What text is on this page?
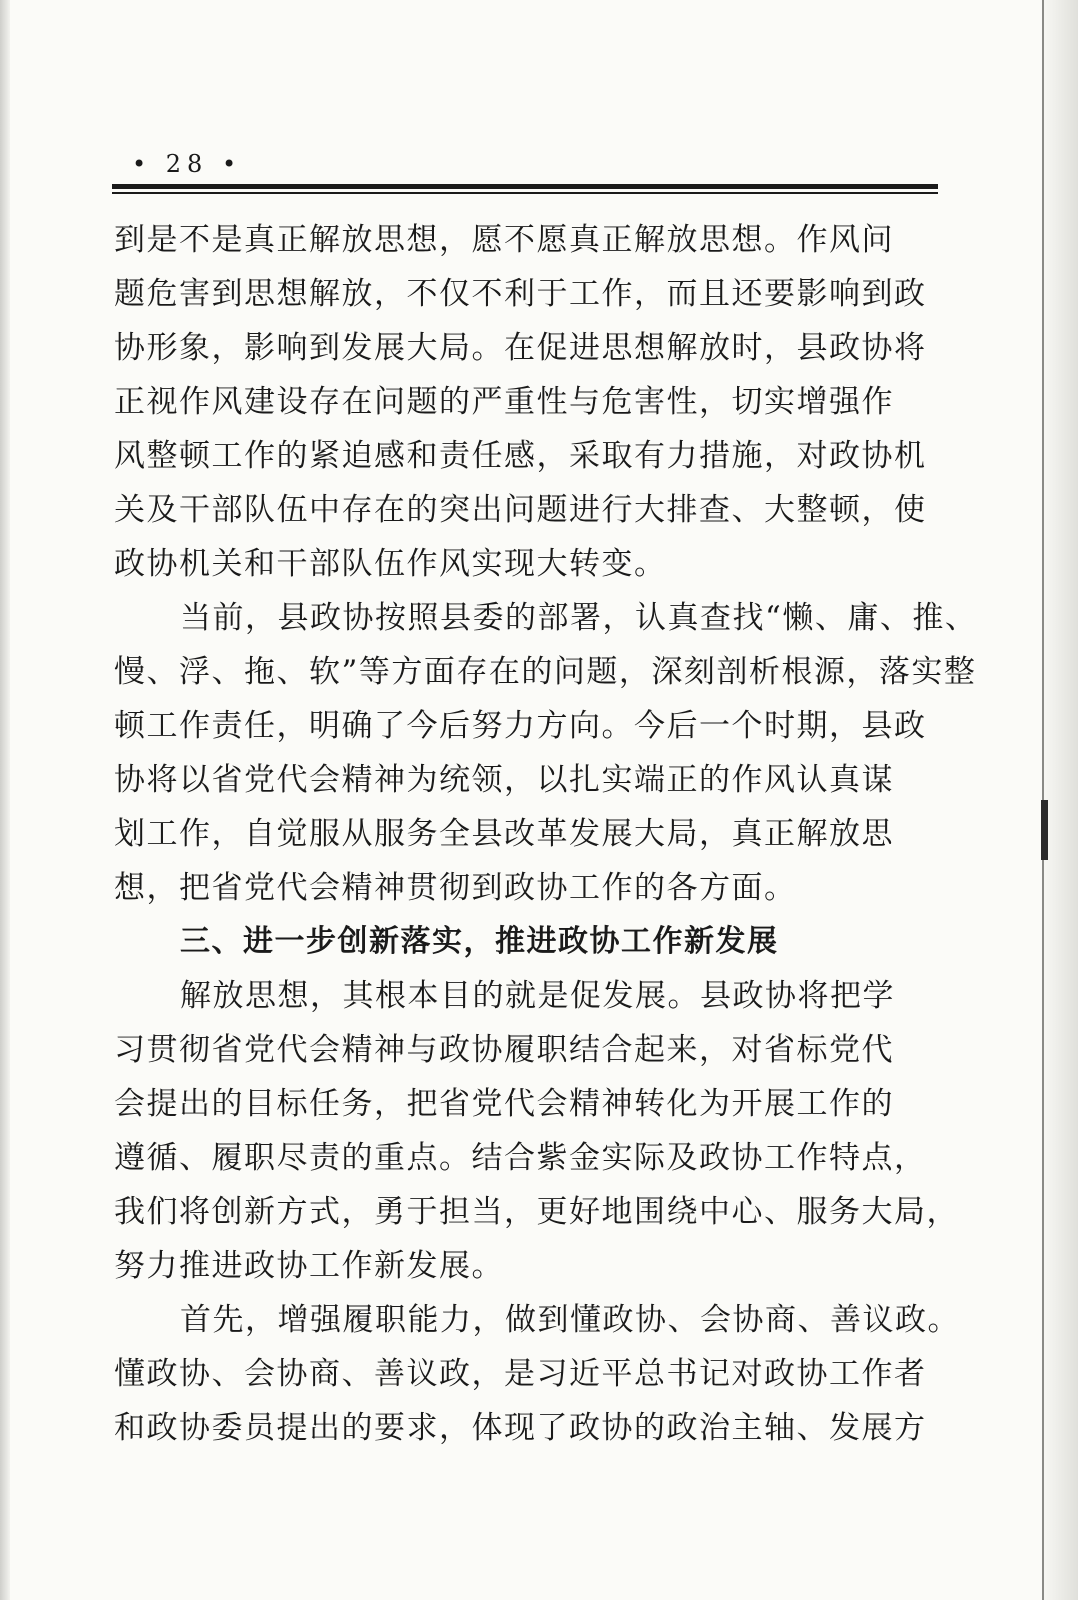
• 28 •
到是不是真正解放思想，愿不愿真正解放思想。作风问
题危害到思想解放，不仅不利于工作，而且还要影响到政
协形象，影响到发展大局。在促进思想解放时，县政协将
正视作风建设存在问题的严重性与危害性，切实增强作
风整顿工作的紧迫感和责任感，采取有力措施，对政协机
关及干部队伍中存在的突出问题进行大排查、大整顿，使
政协机关和干部队伍作风实现大转变。
当前，县政协按照县委的部署，认真查找“懒、庸、推、
慢、浮、拖、软”等方面存在的问题，深刻剖析根源，落实整
顿工作责任，明确了今后努力方向。今后一个时期，县政
协将以省党代会精神为统领，以扎实端正的作风认真谋
划工作，自觉服从服务全县改革发展大局，真正解放思
想，把省党代会精神贯彻到政协工作的各方面。
三、进一步创新落实，推进政协工作新发展
解放思想，其根本目的就是促发展。县政协将把学
习贯彻省党代会精神与政协履职结合起来，对省标党代
会提出的目标任务，把省党代会精神转化为开展工作的
遵循、履职尽责的重点。结合紫金实际及政协工作特点，
我们将创新方式，勇于担当，更好地围绕中心、服务大局，
努力推进政协工作新发展。
首先，增强履职能力，做到懂政协、会协商、善议政。
懂政协、会协商、善议政，是习近平总书记对政协工作者
和政协委员提出的要求，体现了政协的政治主轴、发展方
